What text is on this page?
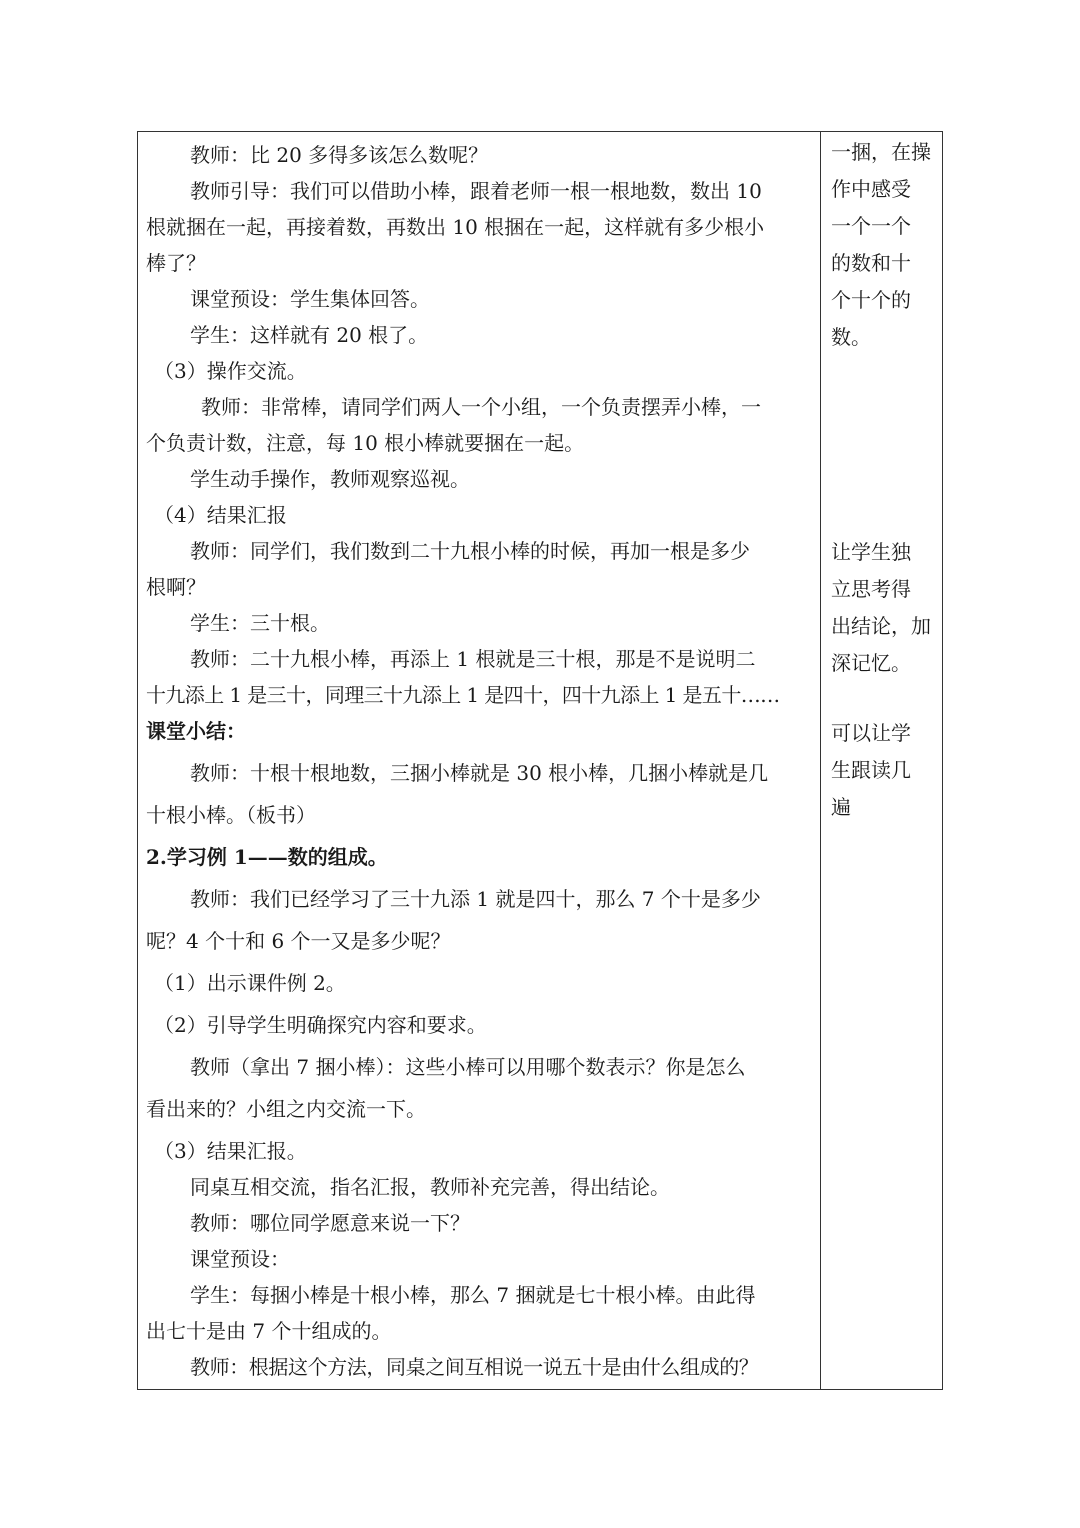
教师：比 20 多得多该怎么数呢？
教师引导：我们可以借助小棒，跟着老师一根一根地数，数出 10
根就捆在一起，再接着数，再数出 10 根捆在一起，这样就有多少根小
棒了？
课堂预设：学生集体回答。
学生：这样就有 20 根了。
（3）操作交流。
教师：非常棒，请同学们两人一个小组，一个负责摆弄小棒，一
个负责计数，注意，每 10 根小棒就要捆在一起。
学生动手操作，教师观察巡视。
（4）结果汇报
教师：同学们，我们数到二十九根小棒的时候，再加一根是多少
根啊？
学生：三十根。
教师：二十九根小棒，再添上 1 根就是三十根，那是不是说明二
十九添上 1 是三十，同理三十九添上 1 是四十，四十九添上 1 是五十……
课堂小结：
教师：十根十根地数，三捆小棒就是 30 根小棒，几捆小棒就是几
十根小棒。（板书）
2.学习例 1——数的组成。
教师：我们已经学习了三十九添 1 就是四十，那么 7 个十是多少
呢？4 个十和 6 个一又是多少呢？
（1）出示课件例 2。
（2）引导学生明确探究内容和要求。
教师（拿出 7 捆小棒）：这些小棒可以用哪个数表示？你是怎么
看出来的？小组之内交流一下。
（3）结果汇报。
同桌互相交流，指名汇报，教师补充完善，得出结论。
教师：哪位同学愿意来说一下？
课堂预设：
学生：每捆小棒是十根小棒，那么 7 捆就是七十根小棒。由此得
出七十是由 7 个十组成的。
教师：根据这个方法，同桌之间互相说一说五十是由什么组成的？
一捆，在操
作中感受
一个一个
的数和十
个十个的
数。
让学生独
立思考得
出结论，加
深记忆。
可以让学
生跟读几
遍
